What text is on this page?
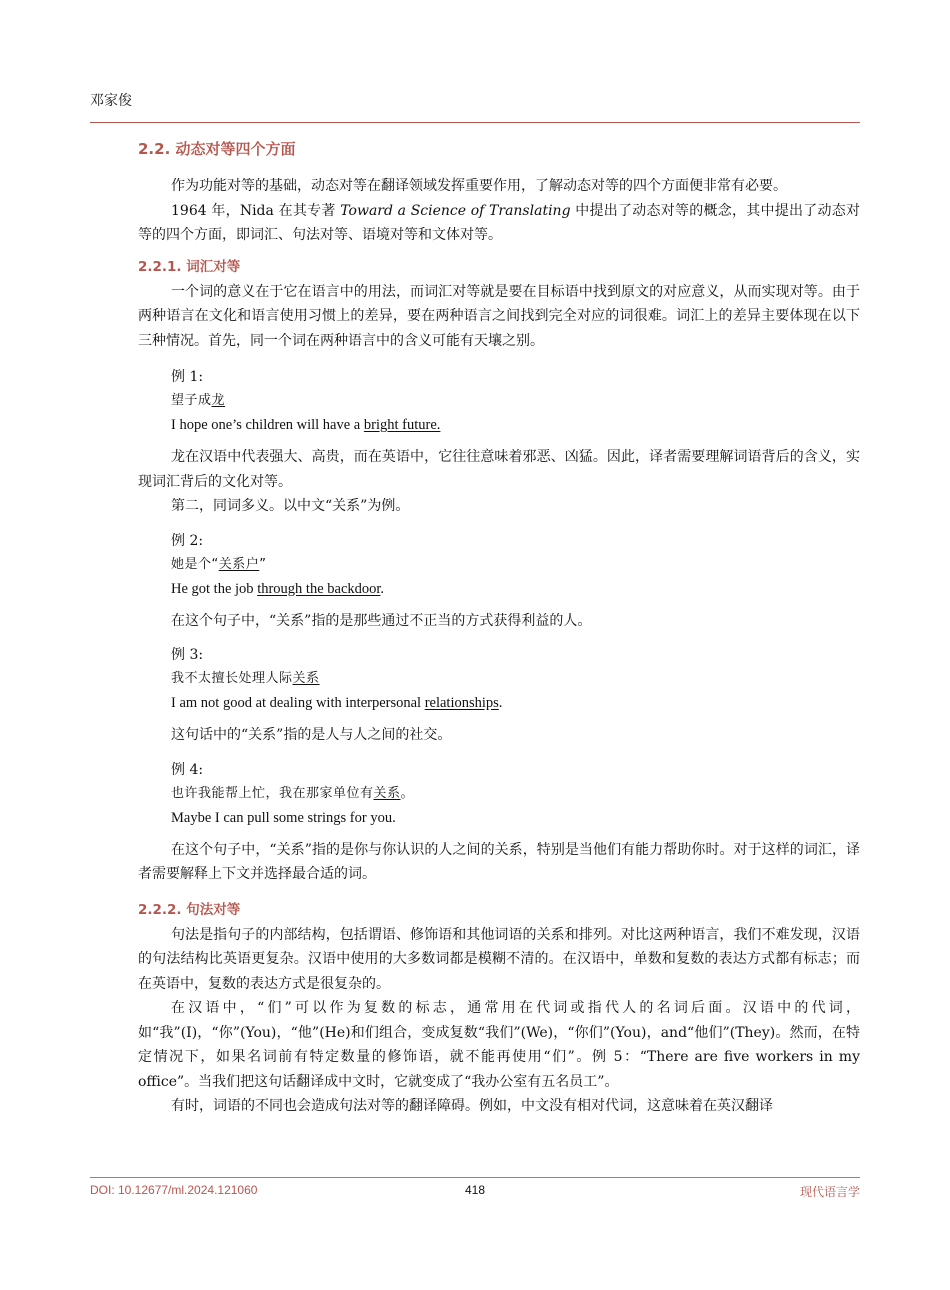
邓家俊
2.2. 动态对等四个方面

作为功能对等的基础，动态对等在翻译领域发挥重要作用，了解动态对等的四个方面便非常有必要。

1964 年，Nida 在其专著 Toward a Science of Translating 中提出了动态对等的概念，其中提出了动态对等的四个方面，即词汇、句法对等、语境对等和文体对等。

2.2.1. 词汇对等

一个词的意义在于它在语言中的用法，而词汇对等就是要在目标语中找到原文的对应意义，从而实现对等。由于两种语言在文化和语言使用习惯上的差异，要在两种语言之间找到完全对应的词很难。词汇上的差异主要体现在以下三种情况。首先，同一个词在两种语言中的含义可能有天壤之别。

例 1:
望子成龙
I hope one’s children will have a bright future.

龙在汉语中代表强大、高贵，而在英语中，它往往意味着邪恶、凶猛。因此，译者需要理解词语背后的含义，实现词汇背后的文化对等。

第二，同词多义。以中文“关系”为例。

例 2:
她是个“关系户”
He got the job through the backdoor.

在这个句子中，“关系”指的是那些通过不正当的方式获得利益的人。

例 3:
我不太擅长处理人际关系
I am not good at dealing with interpersonal relationships.

这句话中的“关系”指的是人与人之间的社交。

例 4:
也许我能帮上忙，我在那家单位有关系。
Maybe I can pull some strings for you.

在这个句子中，“关系”指的是你与你认识的人之间的关系，特别是当他们有能力帮助你时。对于这样的词汇，译者需要解释上下文并选择最合适的词。

2.2.2. 句法对等

句法是指句子的内部结构，包括谓语、修饰语和其他词语的关系和排列。对比这两种语言，我们不难发现，汉语的句法结构比英语更复杂。汉语中使用的大多数词都是模糊不清的。在汉语中，单数和复数的表达方式都有标志；而在英语中，复数的表达方式是很复杂的。

在汉语中，“们”可以作为复数的标志，通常用在代词或指代人的名词后面。汉语中的代词，如“我”(I)，“你”(You)，“他”(He)和们组合，变成复数“我们”(We)，“你们”(You)，and“他们”(They)。然而，在特定情况下，如果名词前有特定数量的修饰语，就不能再使用“们”。例 5：“There are five workers in my office”。当我们把这句话翻译成中文时，它就变成了“我办公室有五名员工”。

有时，词语的不同也会造成句法对等的翻译障碍。例如，中文没有相对代词，这意味着在英汉翻译

418
DOI: 10.12677/ml.2024.121060	现代语言学
